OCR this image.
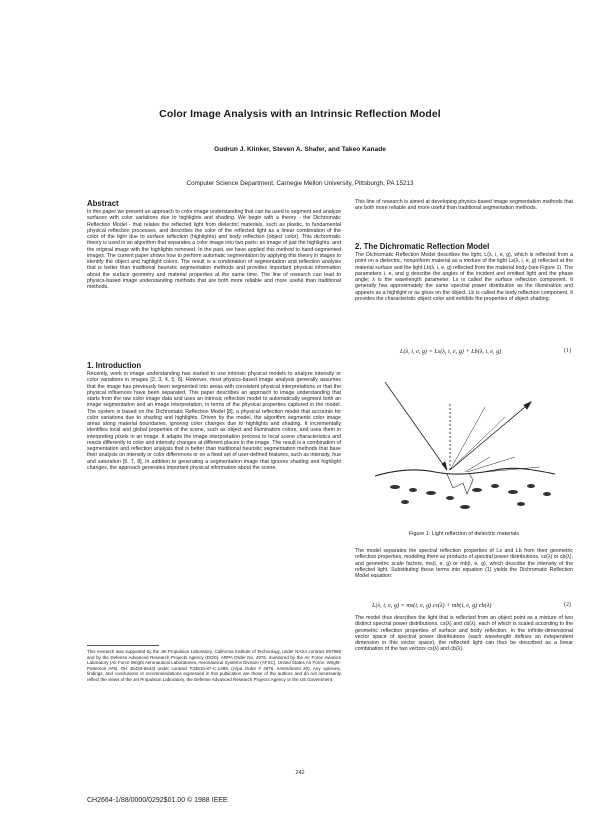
Color Image Analysis with an Intrinsic Reflection Model
Gudrun J. Klinker, Steven A. Shafer, and Takeo Kanade
Computer Science Department, Carnegie Mellon University, Pittsburgh, PA 15213
Abstract

In this paper we present an approach to color image understanding that can be used to segment and analyze surfaces with color variations due to highlights and shading. We begin with a theory - the Dichromatic Reflection Model - that relates the reflected light from dielectric materials, such as plastic, to fundamental physical reflection processes, and describes the color of the reflected light as a linear combination of the color of the light due to surface reflection (highlights) and body reflection (object color). This dichromatic theory is used in an algorithm that separates a color image into two parts: an image of just the highlights, and the original image with the highlights removed. In the past, we have applied this method to hand-segmented images. The current paper shows how to perform automatic segmentation by applying this theory in stages to identify the object and highlight colors. The result is a combination of segmentation and reflection analysis that is better than traditional heuristic segmentation methods and provides important physical information about the surface geometry and material properties at the same time. The line of research can lead to physics-based image understanding methods that are both more reliable and more useful than traditional methods.

1. Introduction

Recently, work in image understanding has started to use intrinsic physical models to analyze intensity or color variations in images [2, 3, 4, 5, 6]. However, most physics-based image analysis generally assumes that the image has previously been segmented into areas with consistent physical interpretations or that the physical influences have been separated. This paper describes an approach to image understanding that starts from the raw color image data and uses an intrinsic reflection model to automatically segment both an image segmentation and an image interpretation, in terms of the physical properties captured in the model. The system is based on the Dichromatic Reflection Model [8], a physical reflection model that accounts for color variations due to shading and highlights. Driven by the model, the algorithm segments color image areas along material boundaries, ignoring color changes due to highlights and shading. It incrementally identifies local and global properties of the scene, such as object and illumination colors, and uses them in interpreting pixels in an image. It adapts the image interpretation process to local scene characteristics and reacts differently to color and intensity changes at different places in the image. The result is a combination of segmentation and reflection analysis that is better than traditional heuristic segmentation methods that base their analysis on intensity or color differences or on a fixed set of user-defined features, such as intensity, hue and saturation [6, 7, 8]. In addition to generating a segmentation image that ignores shading and highlight changes, the approach generates important physical information about the scene.

This research was supported by the Jet Propulsion Laboratory, California Institute of Technology, under NASA contract 957989 and by the Defense Advanced Research Projects Agency (DOD), ARPA Order No. 4976, monitored by the Air Force Avionics Laboratory (Air Force Wright Aeronautical Laboratories, Aeronautical Systems Division (AFSC), United States Air Force, Wright-Patterson AFB, OH 45433-6543) under contract F33615-87-C-1499. (Arpa Order # 4976, Amendment 20). Any opinions, findings, and conclusions or recommendations expressed in this publication are those of the authors and do not necessarily reflect the views of the Jet Propulsion Laboratory, the Defense Advanced Research Projects Agency or the US Government.

This line of research is aimed at developing physics-based image segmentation methods that are both more reliable and more useful than traditional segmentation methods.

2. The Dichromatic Reflection Model

The Dichromatic Reflection Model describes the light, L(λ, i, e, g), which is reflected from a point on a dielectric, nonuniform material as a mixture of the light Ls(λ, i, e, g) reflected at the material surface and the light Lb(λ, i, e, g) reflected from the material body (see Figure 1). The parameters i, e, and g describe the angles of the incident and emitted light and the phase angle; λ is the wavelength parameter. Ls is called the surface reflection component. It generally has approximately the same spectral power distribution as the illumination and appears as a highlight or as gloss on the object. Lb is called the body reflection component. It provides the characteristic object color and exhibits the properties of object shading:

L(λ, i, e, g) = Ls(λ, i, e, g) + Lb(λ, i, e, g)	(1)
Figure 1: Light reflection of dielectric materials

The model separates the spectral reflection properties of Ls and Lb from their geometric reflection properties, modeling them as products of spectral power distributions, cs(λ) or cb(λ), and geometric scale factors, ms(i, e, g) or mb(i, e, g), which describe the intensity of the reflected light. Substituting these terms into equation (1) yields the Dichromatic Reflection Model equation:

L(λ, i, e, g) = ms(i, e, g) cs(λ) + mb(i, e, g) cb(λ)	(2)

The model thus describes the light that is reflected from an object point as a mixture of two distinct spectral power distributions, cs(λ) and cb(λ), each of which is scaled according to the geometric reflection properties of surface and body reflection. In the infinite-dimensional vector space of spectral power distributions (each wavelength defines an independent dimension in this vector space), the reflected light can thus be described as a linear combination of the two vectors cs(λ) and cb(λ).

242
CH2664-1/88/0000/0292$01.00 © 1988 IEEE
